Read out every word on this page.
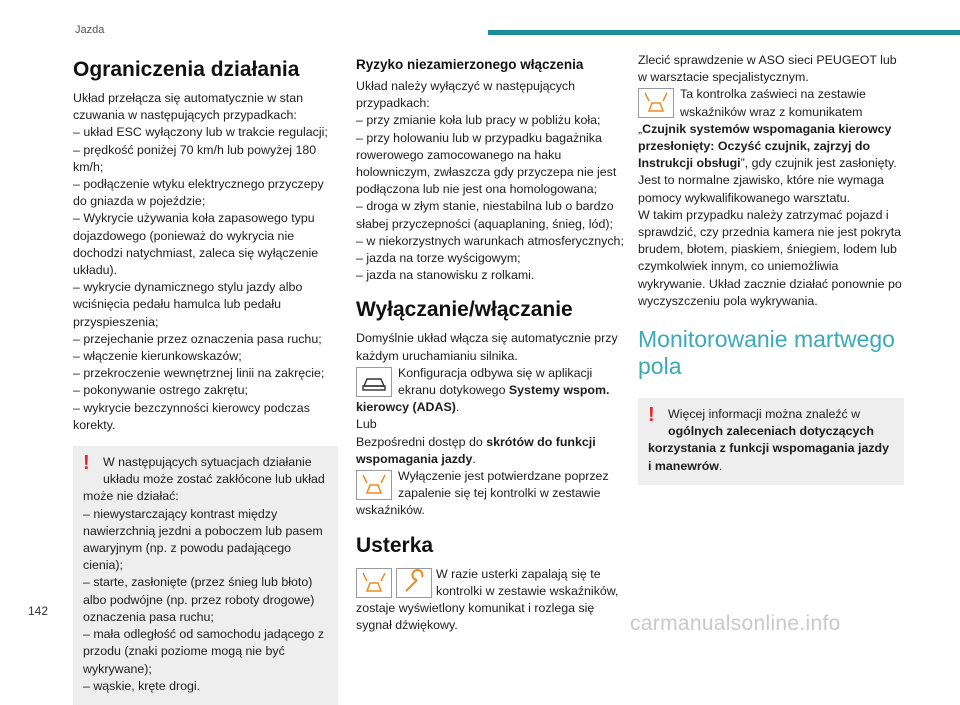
Jazda
Ograniczenia działania
Układ przełącza się automatycznie w stan czuwania w następujących przypadkach:
– układ ESC wyłączony lub w trakcie regulacji;
– prędkość poniżej 70 km/h lub powyżej 180 km/h;
– podłączenie wtyku elektrycznego przyczepy do gniazda w pojeździe;
– Wykrycie używania koła zapasowego typu dojazdowego (ponieważ do wykrycia nie dochodzi natychmiast, zaleca się wyłączenie układu).
– wykrycie dynamicznego stylu jazdy albo wciśnięcia pedału hamulca lub pedału przyspieszenia;
– przejechanie przez oznaczenia pasa ruchu;
– włączenie kierunkowskazów;
– przekroczenie wewnętrznej linii na zakręcie;
– pokonywanie ostrego zakrętu;
– wykrycie bezczynności kierowcy podczas korekty.
!	W następujących sytuacjach działanie układu może zostać zakłócone lub układ może nie działać:
– niewystarczający kontrast między nawierzchnią jezdni a poboczem lub pasem awaryjnym (np. z powodu padającego cienia);
– starte, zasłonięte (przez śnieg lub błoto) albo podwójne (np. przez roboty drogowe) oznaczenia pasa ruchu;
– mała odległość od samochodu jadącego z przodu (znaki poziome mogą nie być wykrywane);
– wąskie, kręte drogi.
Ryzyko niezamierzonego włączenia
Układ należy wyłączyć w następujących przypadkach:
– przy zmianie koła lub pracy w pobliżu koła;
– przy holowaniu lub w przypadku bagażnika rowerowego zamocowanego na haku holowniczym, zwłaszcza gdy przyczepa nie jest podłączona lub nie jest ona homologowana;
– droga w złym stanie, niestabilna lub o bardzo słabej przyczepności (aquaplaning, śnieg, lód);
– w niekorzystnych warunkach atmosferycznych;
– jazda na torze wyścigowym;
– jazda na stanowisku z rolkami.
Wyłączanie/włączanie

Domyślnie układ włącza się automatycznie przy każdym uruchamianiu silnika.

Konfiguracja odbywa się w aplikacji ekranu dotykowego Systemy wspom. kierowcy (ADAS).

Lub

Bezpośredni dostęp do skrótów do funkcji wspomagania jazdy.

Wyłączenie jest potwierdzane poprzez zapalenie się tej kontrolki w zestawie wskaźników.
Usterka
W razie usterki zapalają się te kontrolki w zestawie wskaźników, zostaje wyświetlony komunikat i rozlega się sygnał dźwiękowy.

Zlecić sprawdzenie w ASO sieci PEUGEOT lub w warsztacie specjalistycznym.

Ta kontrolka zaświeci na zestawie wskaźników wraz z komunikatem „Czujnik systemów wspomagania kierowcy przesłonięty: Oczyść czujnik, zajrzyj do Instrukcji obsługi”, gdy czujnik jest zasłonięty.

Jest to normalne zjawisko, które nie wymaga pomocy wykwalifikowanego warsztatu.

W takim przypadku należy zatrzymać pojazd i sprawdzić, czy przednia kamera nie jest pokryta brudem, błotem, piaskiem, śniegiem, lodem lub czymkolwiek innym, co uniemożliwia wykrywanie. Układ zacznie działać ponownie po wyczyszczeniu pola wykrywania.

Monitorowanie martwego pola
!	Więcej informacji można znaleźć w ogólnych zaleceniach dotyczących korzystania z funkcji wspomagania jazdy i manewrów.
142
carmanualsonline.info
